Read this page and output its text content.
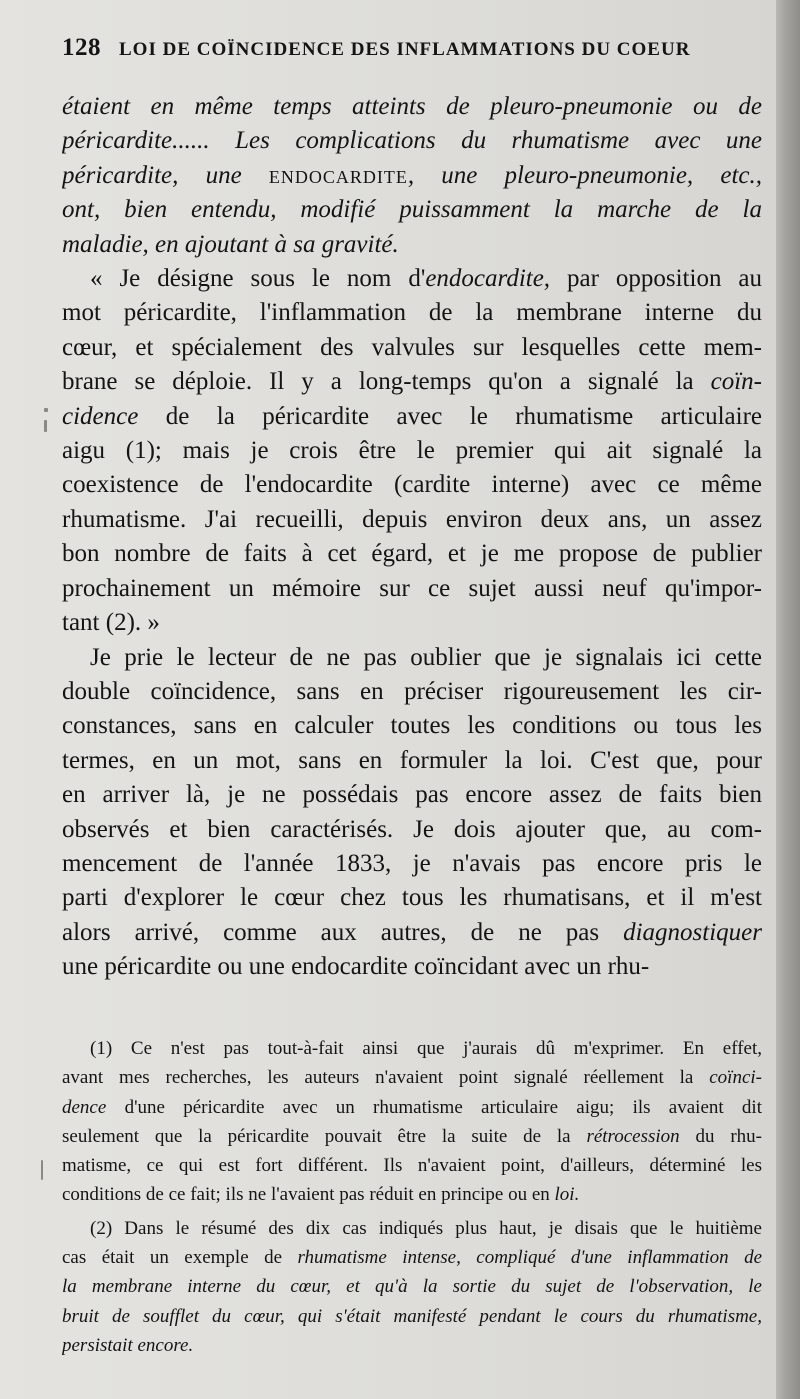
128 LOI DE COÏNCIDENCE DES INFLAMMATIONS DU COEUR
étaient en même temps atteints de pleuro-pneumonie ou de
péricardite...... Les complications du rhumatisme avec une
péricardite, une endocardite, une pleuro-pneumonie, etc.,
ont, bien entendu, modifié puissamment la marche de la
maladie, en ajoutant à sa gravité.
« Je désigne sous le nom d'endocardite, par opposition au
mot péricardite, l'inflammation de la membrane interne du
cœur, et spécialement des valvules sur lesquelles cette mem-
brane se déploie. Il y a long-temps qu'on a signalé la coïn-
cidence de la péricardite avec le rhumatisme articulaire
aigu (1); mais je crois être le premier qui ait signalé la
coexistence de l'endocardite (cardite interne) avec ce même
rhumatisme. J'ai recueilli, depuis environ deux ans, un assez
bon nombre de faits à cet égard, et je me propose de publier
prochainement un mémoire sur ce sujet aussi neuf qu'impor-
tant (2). »
Je prie le lecteur de ne pas oublier que je signalais ici cette
double coïncidence, sans en préciser rigoureusement les cir-
constances, sans en calculer toutes les conditions ou tous les
termes, en un mot, sans en formuler la loi. C'est que, pour
en arriver là, je ne possédais pas encore assez de faits bien
observés et bien caractérisés. Je dois ajouter que, au com-
mencement de l'année 1833, je n'avais pas encore pris le
parti d'explorer le cœur chez tous les rhumatisans, et il m'est
alors arrivé, comme aux autres, de ne pas diagnostiquer
une péricardite ou une endocardite coïncidant avec un rhu-
(1) Ce n'est pas tout-à-fait ainsi que j'aurais dû m'exprimer. En effet,
avant mes recherches, les auteurs n'avaient point signalé réellement la coïnci-
dence d'une péricardite avec un rhumatisme articulaire aigu; ils avaient dit
seulement que la péricardite pouvait être la suite de la rétrocession du rhu-
matisme, ce qui est fort différent. Ils n'avaient point, d'ailleurs, déterminé les
conditions de ce fait; ils ne l'avaient pas réduit en principe ou en loi.
(2) Dans le résumé des dix cas indiqués plus haut, je disais que le huitième
cas était un exemple de rhumatisme intense, compliqué d'une inflammation de
la membrane interne du cœur, et qu'à la sortie du sujet de l'observation, le
bruit de soufflet du cœur, qui s'était manifesté pendant le cours du rhumatisme,
persistait encore.
